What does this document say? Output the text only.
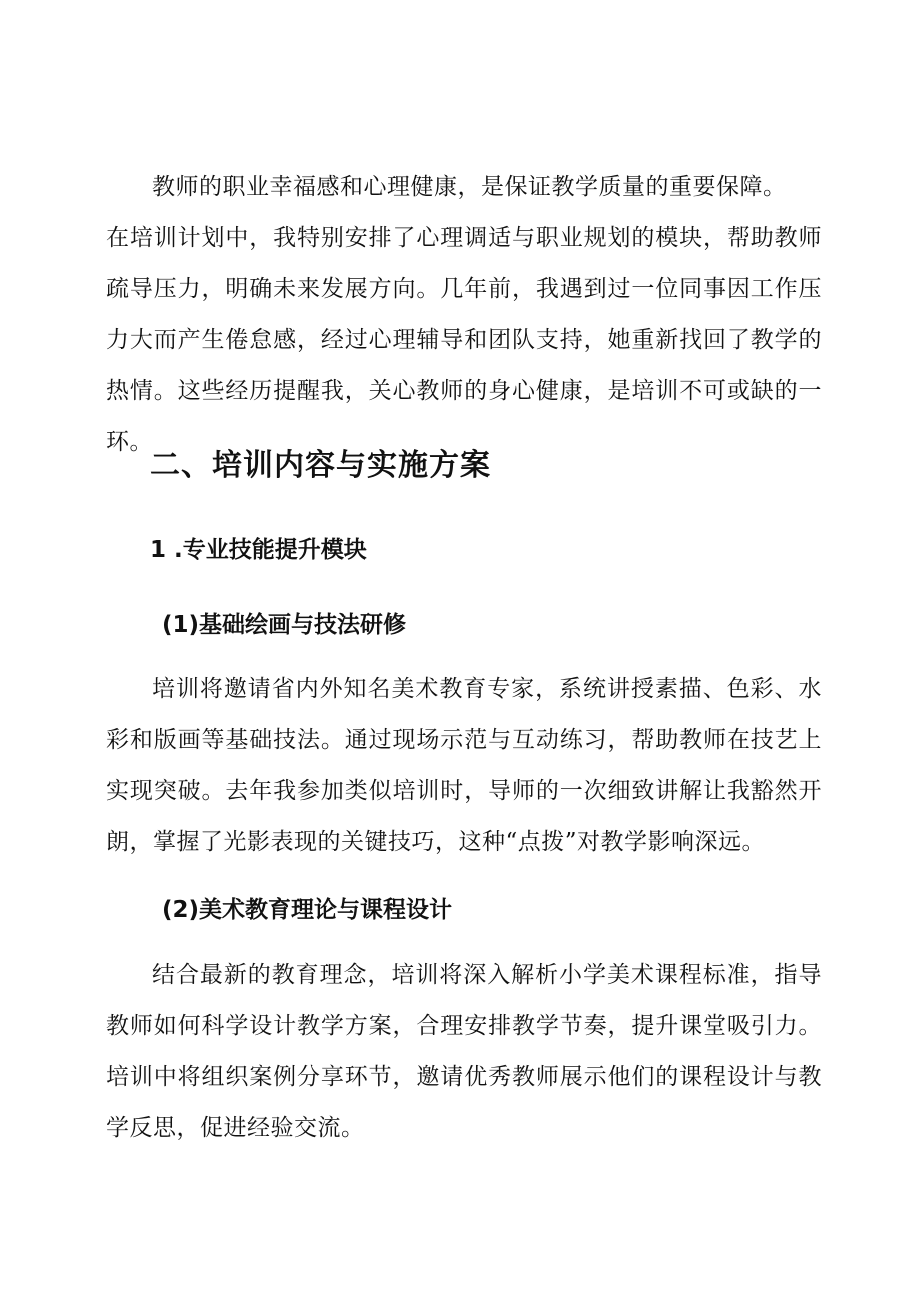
教师的职业幸福感和心理健康，是保证教学质量的重要保障。

在培训计划中，我特别安排了心理调适与职业规划的模块，帮助教师疏导压力，明确未来发展方向。几年前，我遇到过一位同事因工作压力大而产生倦怠感，经过心理辅导和团队支持，她重新找回了教学的热情。这些经历提醒我，关心教师的身心健康，是培训不可或缺的一环。

二、培训内容与实施方案
1 .专业技能提升模块
(1)基础绘画与技法研修

培训将邀请省内外知名美术教育专家，系统讲授素描、色彩、水彩和版画等基础技法。通过现场示范与互动练习，帮助教师在技艺上实现突破。去年我参加类似培训时，导师的一次细致讲解让我豁然开朗，掌握了光影表现的关键技巧，这种“点拨”对教学影响深远。

(2)美术教育理论与课程设计

结合最新的教育理念，培训将深入解析小学美术课程标准，指导教师如何科学设计教学方案，合理安排教学节奏，提升课堂吸引力。培训中将组织案例分享环节，邀请优秀教师展示他们的课程设计与教学反思，促进经验交流。
